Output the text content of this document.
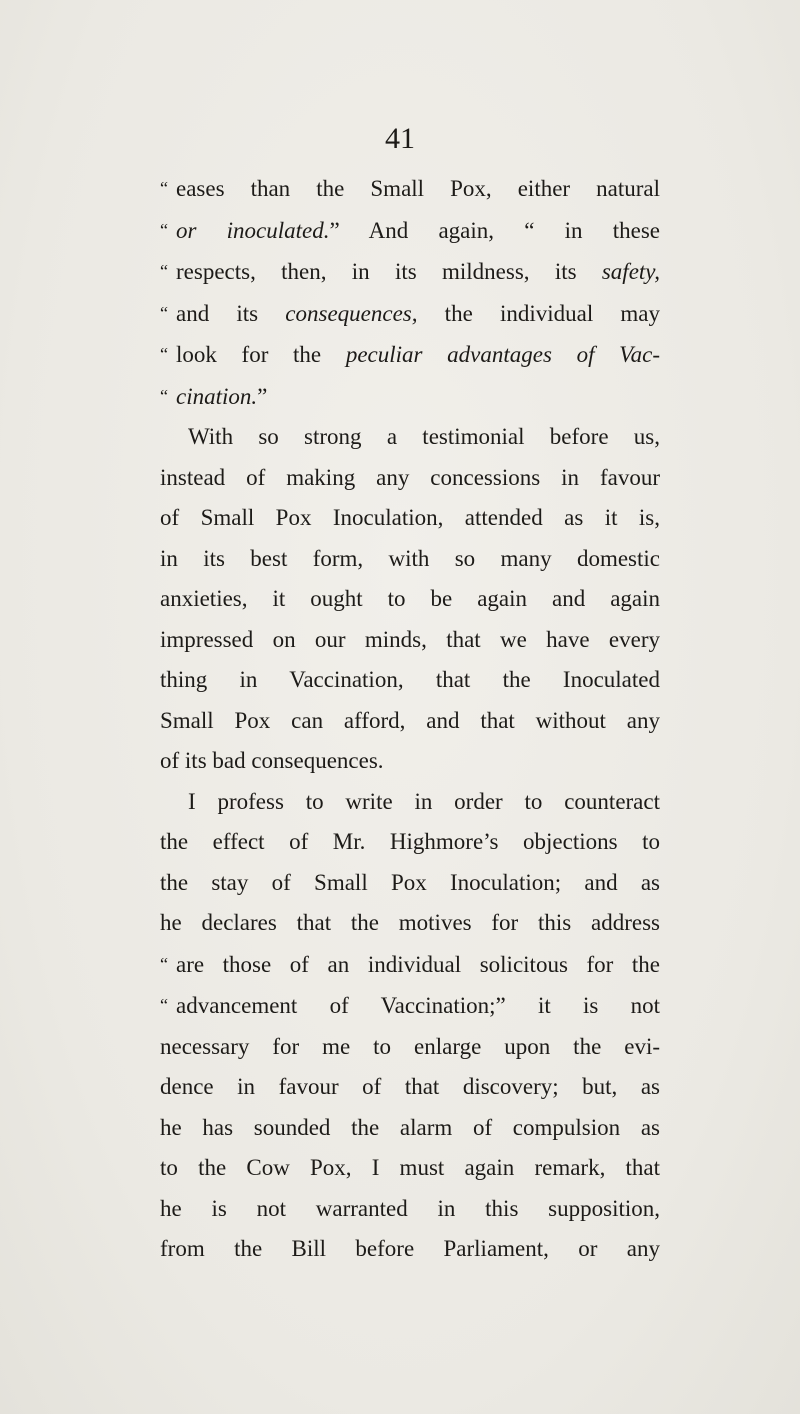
41
“ eases than the Small Pox, either natural
“ or inoculated.” And again, “ in these
“ respects, then, in its mildness, its safety,
“ and its consequences, the individual may
“ look for the peculiar advantages of Vac-
“ cination.”
With so strong a testimonial before us,
instead of making any concessions in favour
of Small Pox Inoculation, attended as it is,
in its best form, with so many domestic
anxieties, it ought to be again and again
impressed on our minds, that we have every
thing in Vaccination, that the Inoculated
Small Pox can afford, and that without any
of its bad consequences.
I profess to write in order to counteract
the effect of Mr. Highmore’s objections to
the stay of Small Pox Inoculation; and as
he declares that the motives for this address
“ are those of an individual solicitous for the
“ advancement of Vaccination;” it is not
necessary for me to enlarge upon the evi-
dence in favour of that discovery; but, as
he has sounded the alarm of compulsion as
to the Cow Pox, I must again remark, that
he is not warranted in this supposition,
from the Bill before Parliament, or any
